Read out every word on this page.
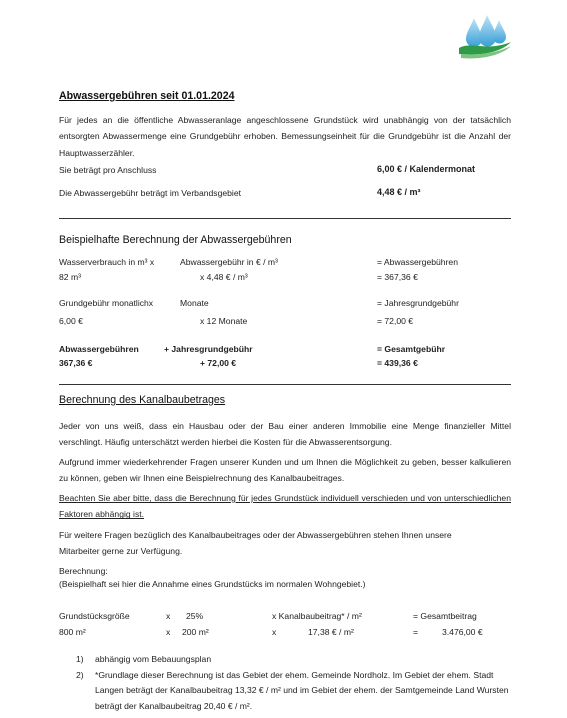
Abwassergebühren seit 01.01.2024
Für jedes an die öffentliche Abwasseranlage angeschlossene Grundstück wird unabhängig von der tatsächlich entsorgten Abwassermenge eine Grundgebühr erhoben. Bemessungseinheit für die Grundgebühr ist die Anzahl der Hauptwasserzähler.
Sie beträgt pro Anschluss	6,00 € / Kalendermonat
Die Abwassergebühr beträgt im Verbandsgebiet	4,48 € / m³
Beispielhafte Berechnung der Abwassergebühren
Wasserverbrauch in m³ x	Abwassergebühr in € / m³	= Abwassergebühren
82 m³	x 4,48 € / m³	= 367,36 €
Grundgebühr monatlichx	Monate	= Jahresgrundgebühr
6,00 €	x 12 Monate	= 72,00 €
Abwassergebühren	+ Jahresgrundgebühr	= Gesamtgebühr
367,36 €	+ 72,00 €	= 439,36 €
Berechnung des Kanalbaubetrages
Jeder von uns weiß, dass ein Hausbau oder der Bau einer anderen Immobilie eine Menge finanzieller Mittel verschlingt. Häufig unterschätzt werden hierbei die Kosten für die Abwasserentsorgung.
Aufgrund immer wiederkehrender Fragen unserer Kunden und um Ihnen die Möglichkeit zu geben, besser kalkulieren zu können, geben wir Ihnen eine Beispielrechnung des Kanalbaubeitrages.
Beachten Sie aber bitte, dass die Berechnung für jedes Grundstück individuell verschieden und von unterschiedlichen Faktoren abhängig ist.
Für weitere Fragen bezüglich des Kanalbaubeitrages oder der Abwassergebühren stehen Ihnen unsere Mitarbeiter gerne zur Verfügung.
Berechnung:
(Beispielhaft sei hier die Annahme eines Grundstücks im normalen Wohngebiet.)
Grundstücksgröße	x 25%	x Kanalbaubeitrag* / m²	= Gesamtbeitrag
800 m²	x 200 m²	x	17,38 € / m²	=	3.476,00 €
1) abhängig vom Bebauungsplan
2) *Grundlage dieser Berechnung ist das Gebiet der ehem. Gemeinde Nordholz. Im Gebiet der ehem. Stadt Langen beträgt der Kanalbaubeitrag 13,32 € / m² und im Gebiet der ehem. der Samtgemeinde Land Wursten beträgt der Kanalbaubeitrag 20,40 € / m².
